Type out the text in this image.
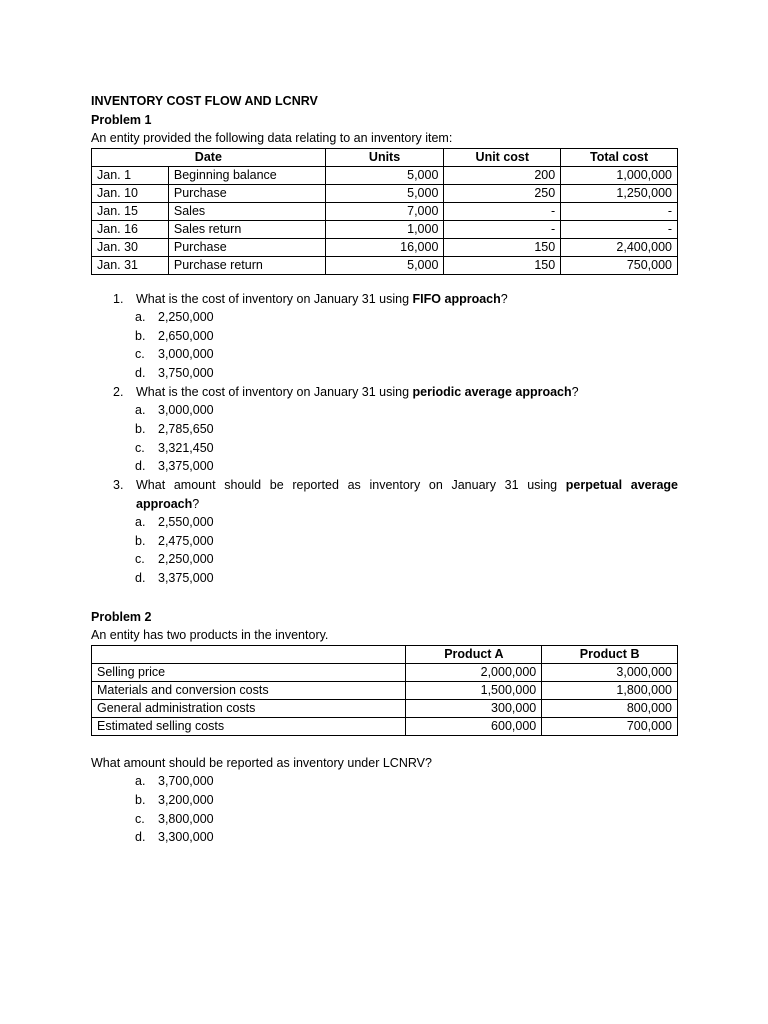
INVENTORY COST FLOW AND LCNRV
Problem 1
An entity provided the following data relating to an inventory item:
Date		Units	Unit cost	Total cost
Jan. 1	Beginning balance	5,000	200	1,000,000
Jan. 10	Purchase	5,000	250	1,250,000
Jan. 15	Sales	7,000	-	-
Jan. 16	Sales return	1,000	-	-
Jan. 30	Purchase	16,000	150	2,400,000
Jan. 31	Purchase return	5,000	150	750,000
1. What is the cost of inventory on January 31 using FIFO approach?
a. 2,250,000
b. 2,650,000
c. 3,000,000
d. 3,750,000
2. What is the cost of inventory on January 31 using periodic average approach?
a. 3,000,000
b. 2,785,650
c. 3,321,450
d. 3,375,000
3. What amount should be reported as inventory on January 31 using perpetual average
approach?
a. 2,550,000
b. 2,475,000
c. 2,250,000
d. 3,375,000
Problem 2
An entity has two products in the inventory.
	Product A	Product B
Selling price	2,000,000	3,000,000
Materials and conversion costs	1,500,000	1,800,000
General administration costs	300,000	800,000
Estimated selling costs	600,000	700,000
What amount should be reported as inventory under LCNRV?
a. 3,700,000
b. 3,200,000
c. 3,800,000
d. 3,300,000
